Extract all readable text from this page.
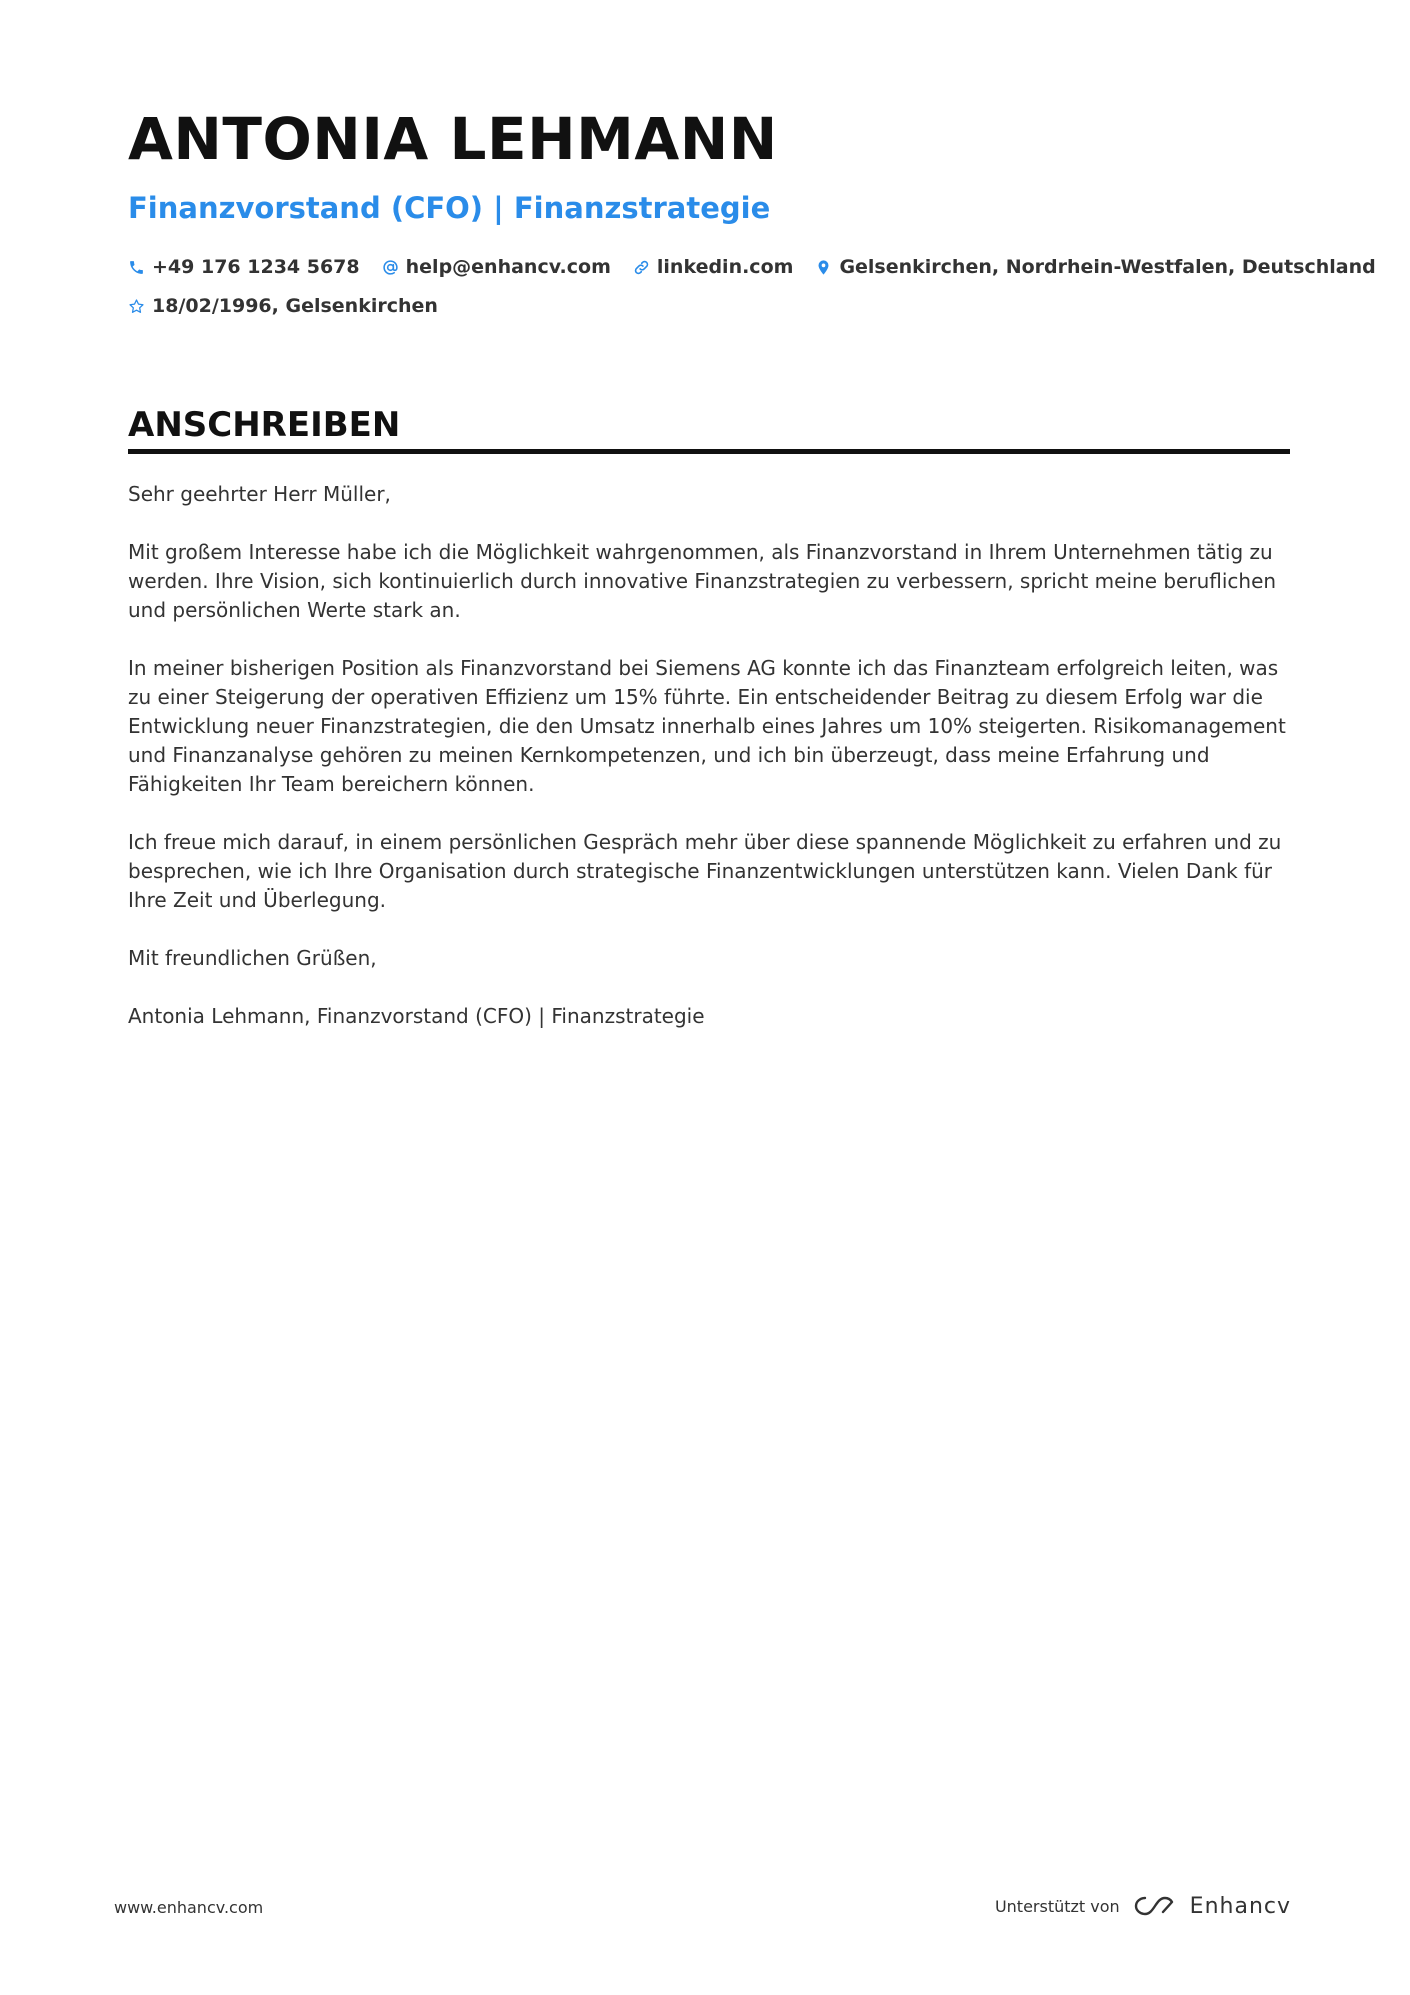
ANTONIA LEHMANN
Finanzvorstand (CFO) | Finanzstrategie
+49 176 1234 5678 help@enhancv.com linkedin.com Gelsenkirchen, Nordrhein-Westfalen, Deutschland
18/02/1996, Gelsenkirchen
ANSCHREIBEN

Sehr geehrter Herr Müller,

Mit großem Interesse habe ich die Möglichkeit wahrgenommen, als Finanzvorstand in Ihrem Unternehmen tätig zu werden. Ihre Vision, sich kontinuierlich durch innovative Finanzstrategien zu verbessern, spricht meine beruflichen und persönlichen Werte stark an.

In meiner bisherigen Position als Finanzvorstand bei Siemens AG konnte ich das Finanzteam erfolgreich leiten, was zu einer Steigerung der operativen Effizienz um 15% führte. Ein entscheidender Beitrag zu diesem Erfolg war die Entwicklung neuer Finanzstrategien, die den Umsatz innerhalb eines Jahres um 10% steigerten. Risikomanagement und Finanzanalyse gehören zu meinen Kernkompetenzen, und ich bin überzeugt, dass meine Erfahrung und Fähigkeiten Ihr Team bereichern können.

Ich freue mich darauf, in einem persönlichen Gespräch mehr über diese spannende Möglichkeit zu erfahren und zu besprechen, wie ich Ihre Organisation durch strategische Finanzentwicklungen unterstützen kann. Vielen Dank für Ihre Zeit und Überlegung.

Mit freundlichen Grüßen,

Antonia Lehmann, Finanzvorstand (CFO) | Finanzstrategie

www.enhancv.com	Unterstützt von	Enhancv
